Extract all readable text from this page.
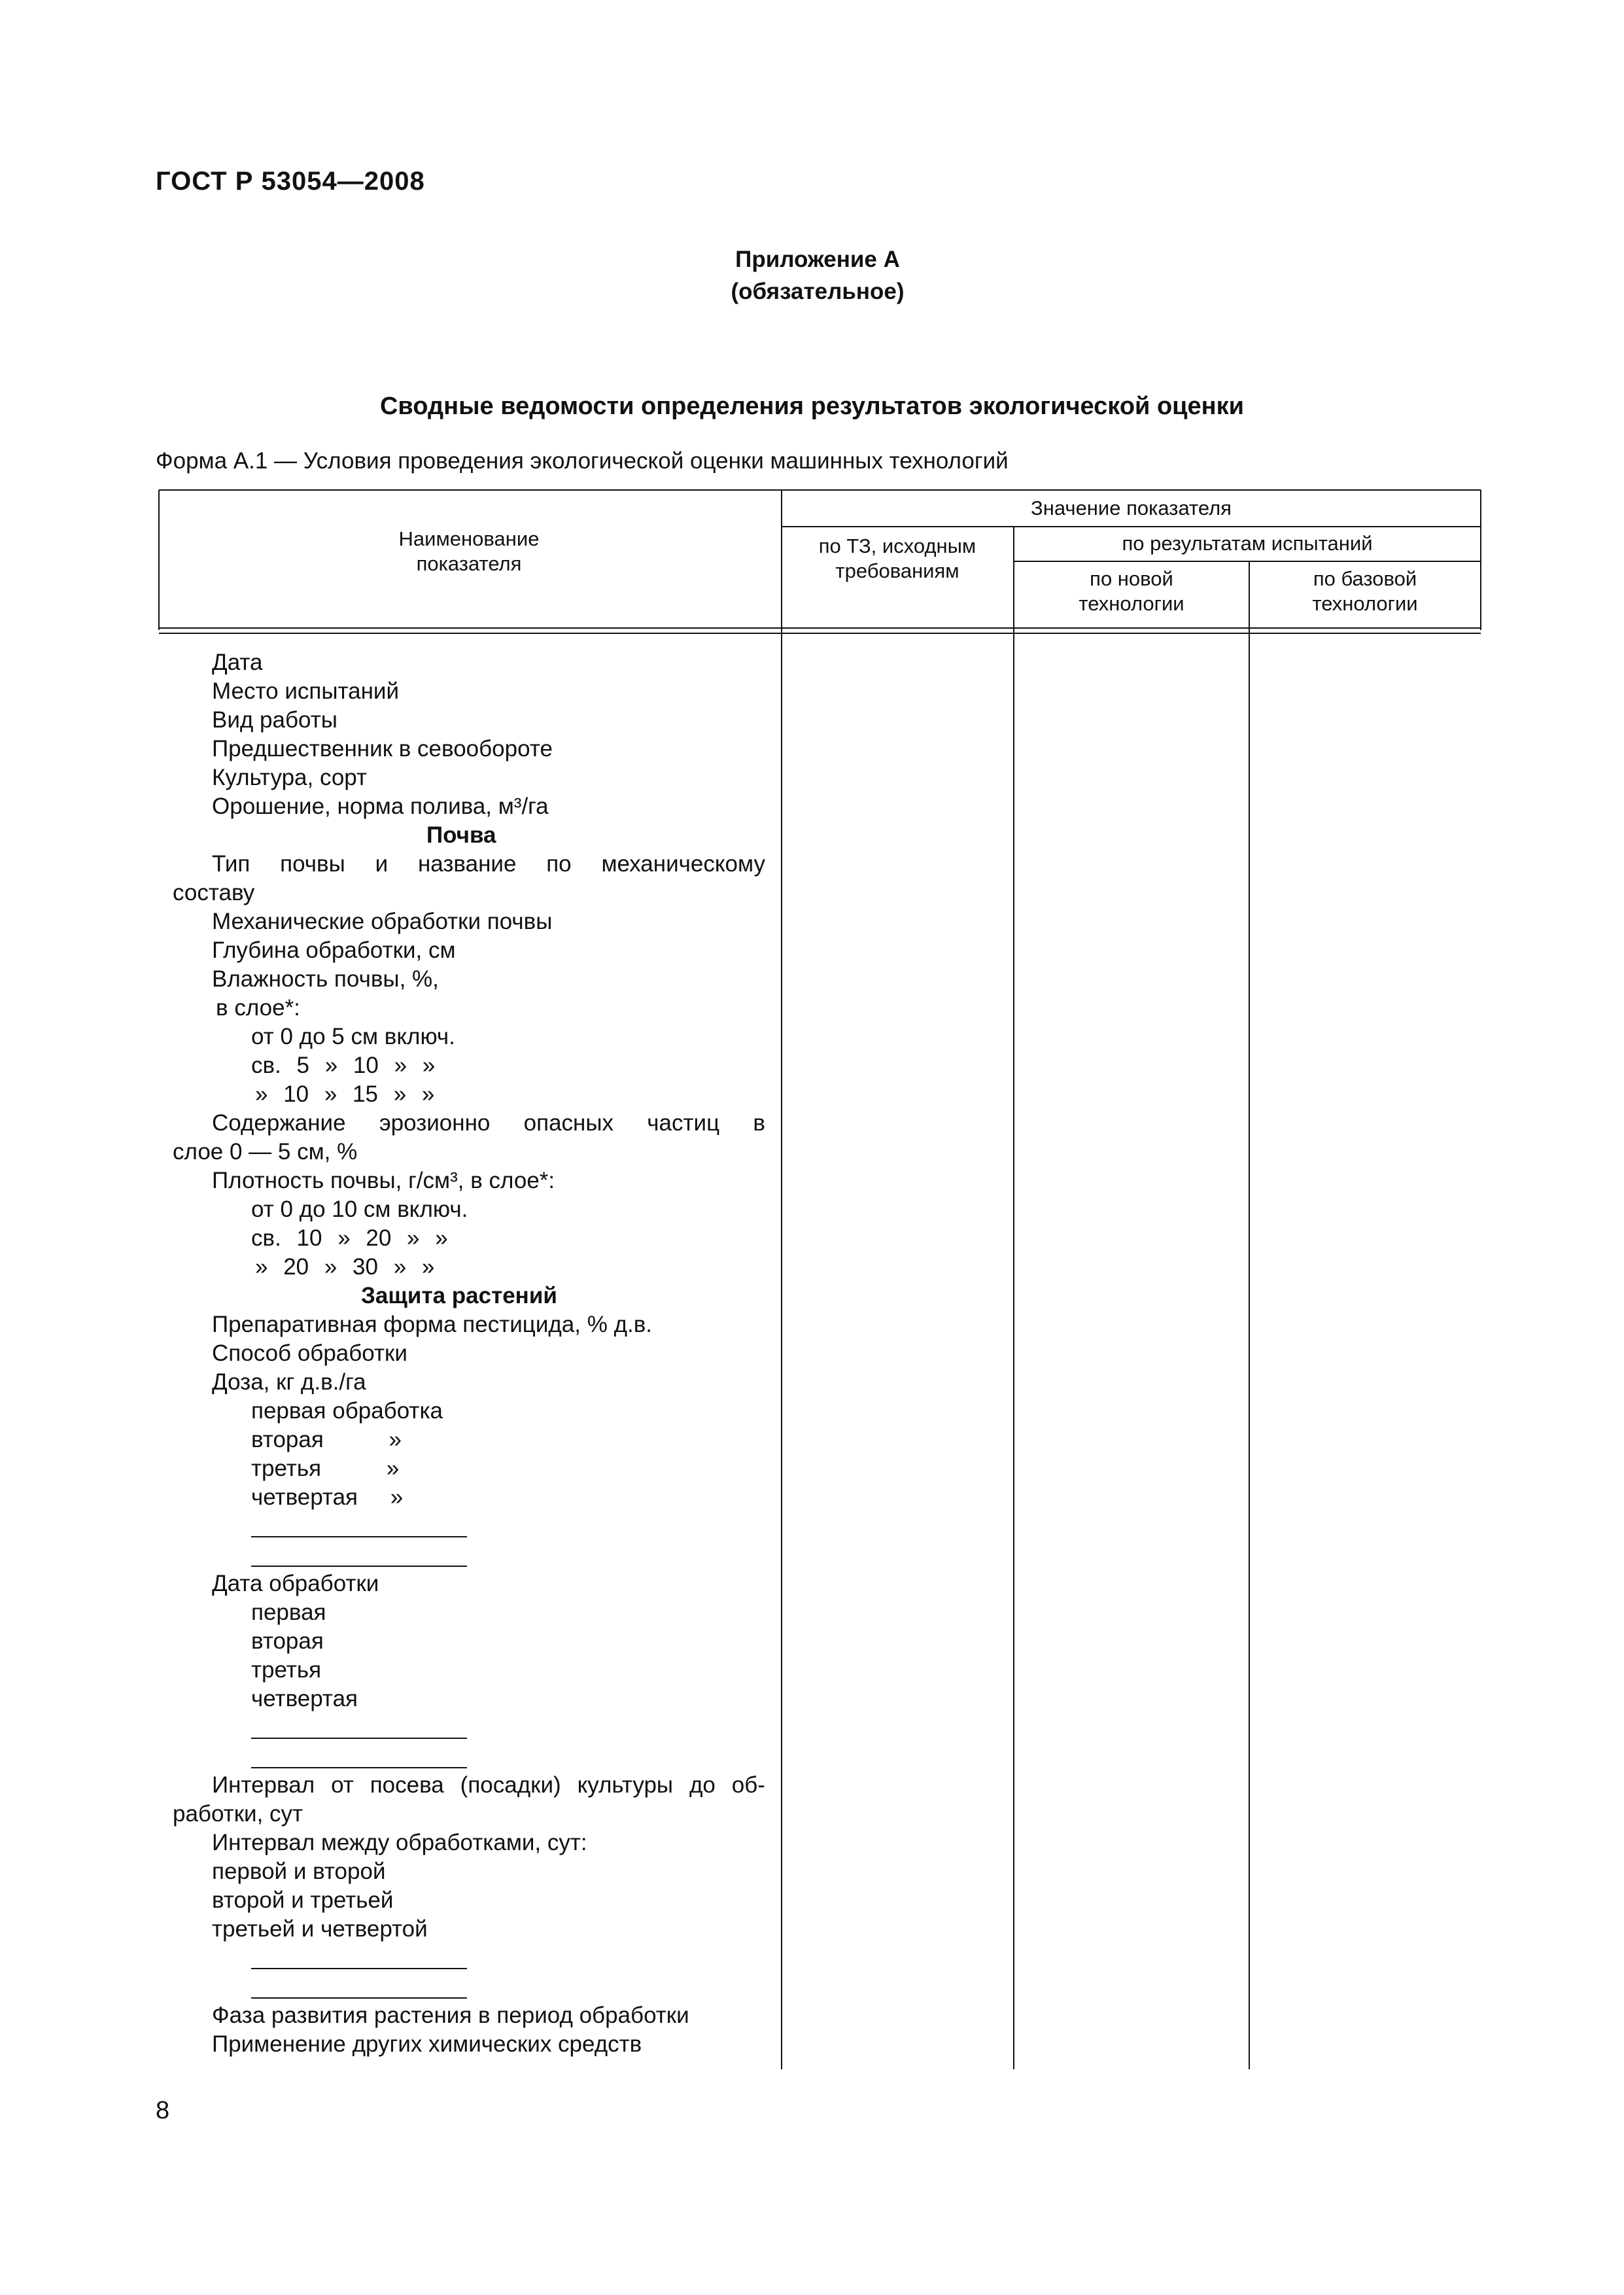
ГОСТ Р 53054—2008
Приложение А
(обязательное)
Сводные ведомости определения результатов экологической оценки
Форма А.1 — Условия проведения экологической оценки машинных технологий
Наименование показателя
Значение показателя
по ТЗ, исходным требованиям
по результатам испытаний
по новой технологии
по базовой технологии
Дата
Место испытаний
Вид работы
Предшественник в севообороте
Культура, сорт
Орошение, норма полива, м³/га
Почва
Тип почвы и название по механическому
составу
Механические обработки почвы
Глубина обработки, см
Влажность почвы, %,
в слое*:
от 0 до 5 см включ.
св. 5 » 10 » »
» 10 » 15 » »
Содержание эрозионно опасных частиц в
слое 0 — 5 см, %
Плотность почвы, г/см³, в слое*:
от 0 до 10 см включ.
св. 10 » 20 » »
» 20 » 30 » »
Защита растений
Препаративная форма пестицида, % д.в.
Способ обработки
Доза, кг д.в./га
первая обработка
вторая »
третья »
четвертая »
Дата обработки
первая
вторая
третья
четвертая
Интервал от посева (посадки) культуры до об-
работки, сут
Интервал между обработками, сут:
первой и второй
второй и третьей
третьей и четвертой
Фаза развития растения в период обработки
Применение других химических средств
8
